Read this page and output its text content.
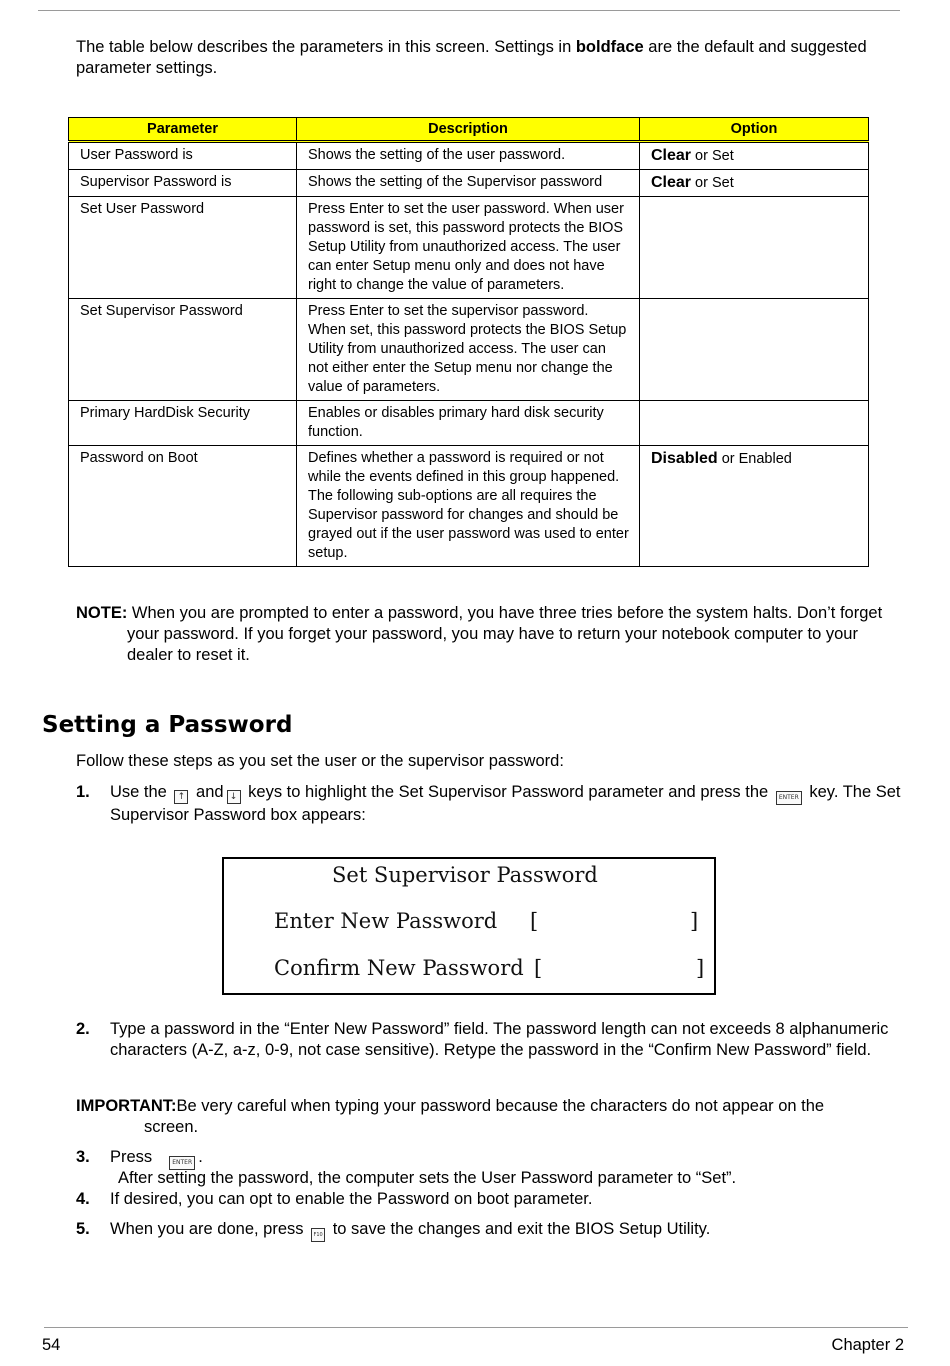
The table below describes the parameters in this screen. Settings in boldface are the default and suggested parameter settings.
Parameter	Description	Option
User Password is	Shows the setting of the user password.	Clear or Set
Supervisor Password is	Shows the setting of the Supervisor password	Clear or Set
Set User Password	Press Enter to set the user password. When user password is set, this password protects the BIOS Setup Utility from unauthorized access. The user can enter Setup menu only and does not have right to change the value of parameters.	
Set Supervisor Password	Press Enter to set the supervisor password. When set, this password protects the BIOS Setup Utility from unauthorized access. The user can not either enter the Setup menu nor change the value of parameters.	
Primary HardDisk Security	Enables or disables primary hard disk security function.	
Password on Boot	Defines whether a password is required or not while the events defined in this group happened. The following sub-options are all requires the Supervisor password for changes and should be grayed out if the user password was used to enter setup.	Disabled or Enabled
NOTE: When you are prompted to enter a password, you have three tries before the system halts. Don’t forget your password. If you forget your password, you may have to return your notebook computer to your dealer to reset it.
Setting a Password
Follow these steps as you set the user or the supervisor password:
1. Use the ↑ and ↓ keys to highlight the Set Supervisor Password parameter and press the ENTER key. The Set Supervisor Password box appears:
Set Supervisor Password
Enter New Password [	]
Confirm New Password [	]
2. Type a password in the “Enter New Password” field. The password length can not exceeds 8 alphanumeric characters (A-Z, a-z, 0-9, not case sensitive). Retype the password in the “Confirm New Password” field.
IMPORTANT:Be very careful when typing your password because the characters do not appear on the screen.
3. Press	ENTER .
After setting the password, the computer sets the User Password parameter to “Set”.
4. If desired, you can opt to enable the Password on boot parameter.
5. When you are done, press F10 to save the changes and exit the BIOS Setup Utility.
54	Chapter 2
